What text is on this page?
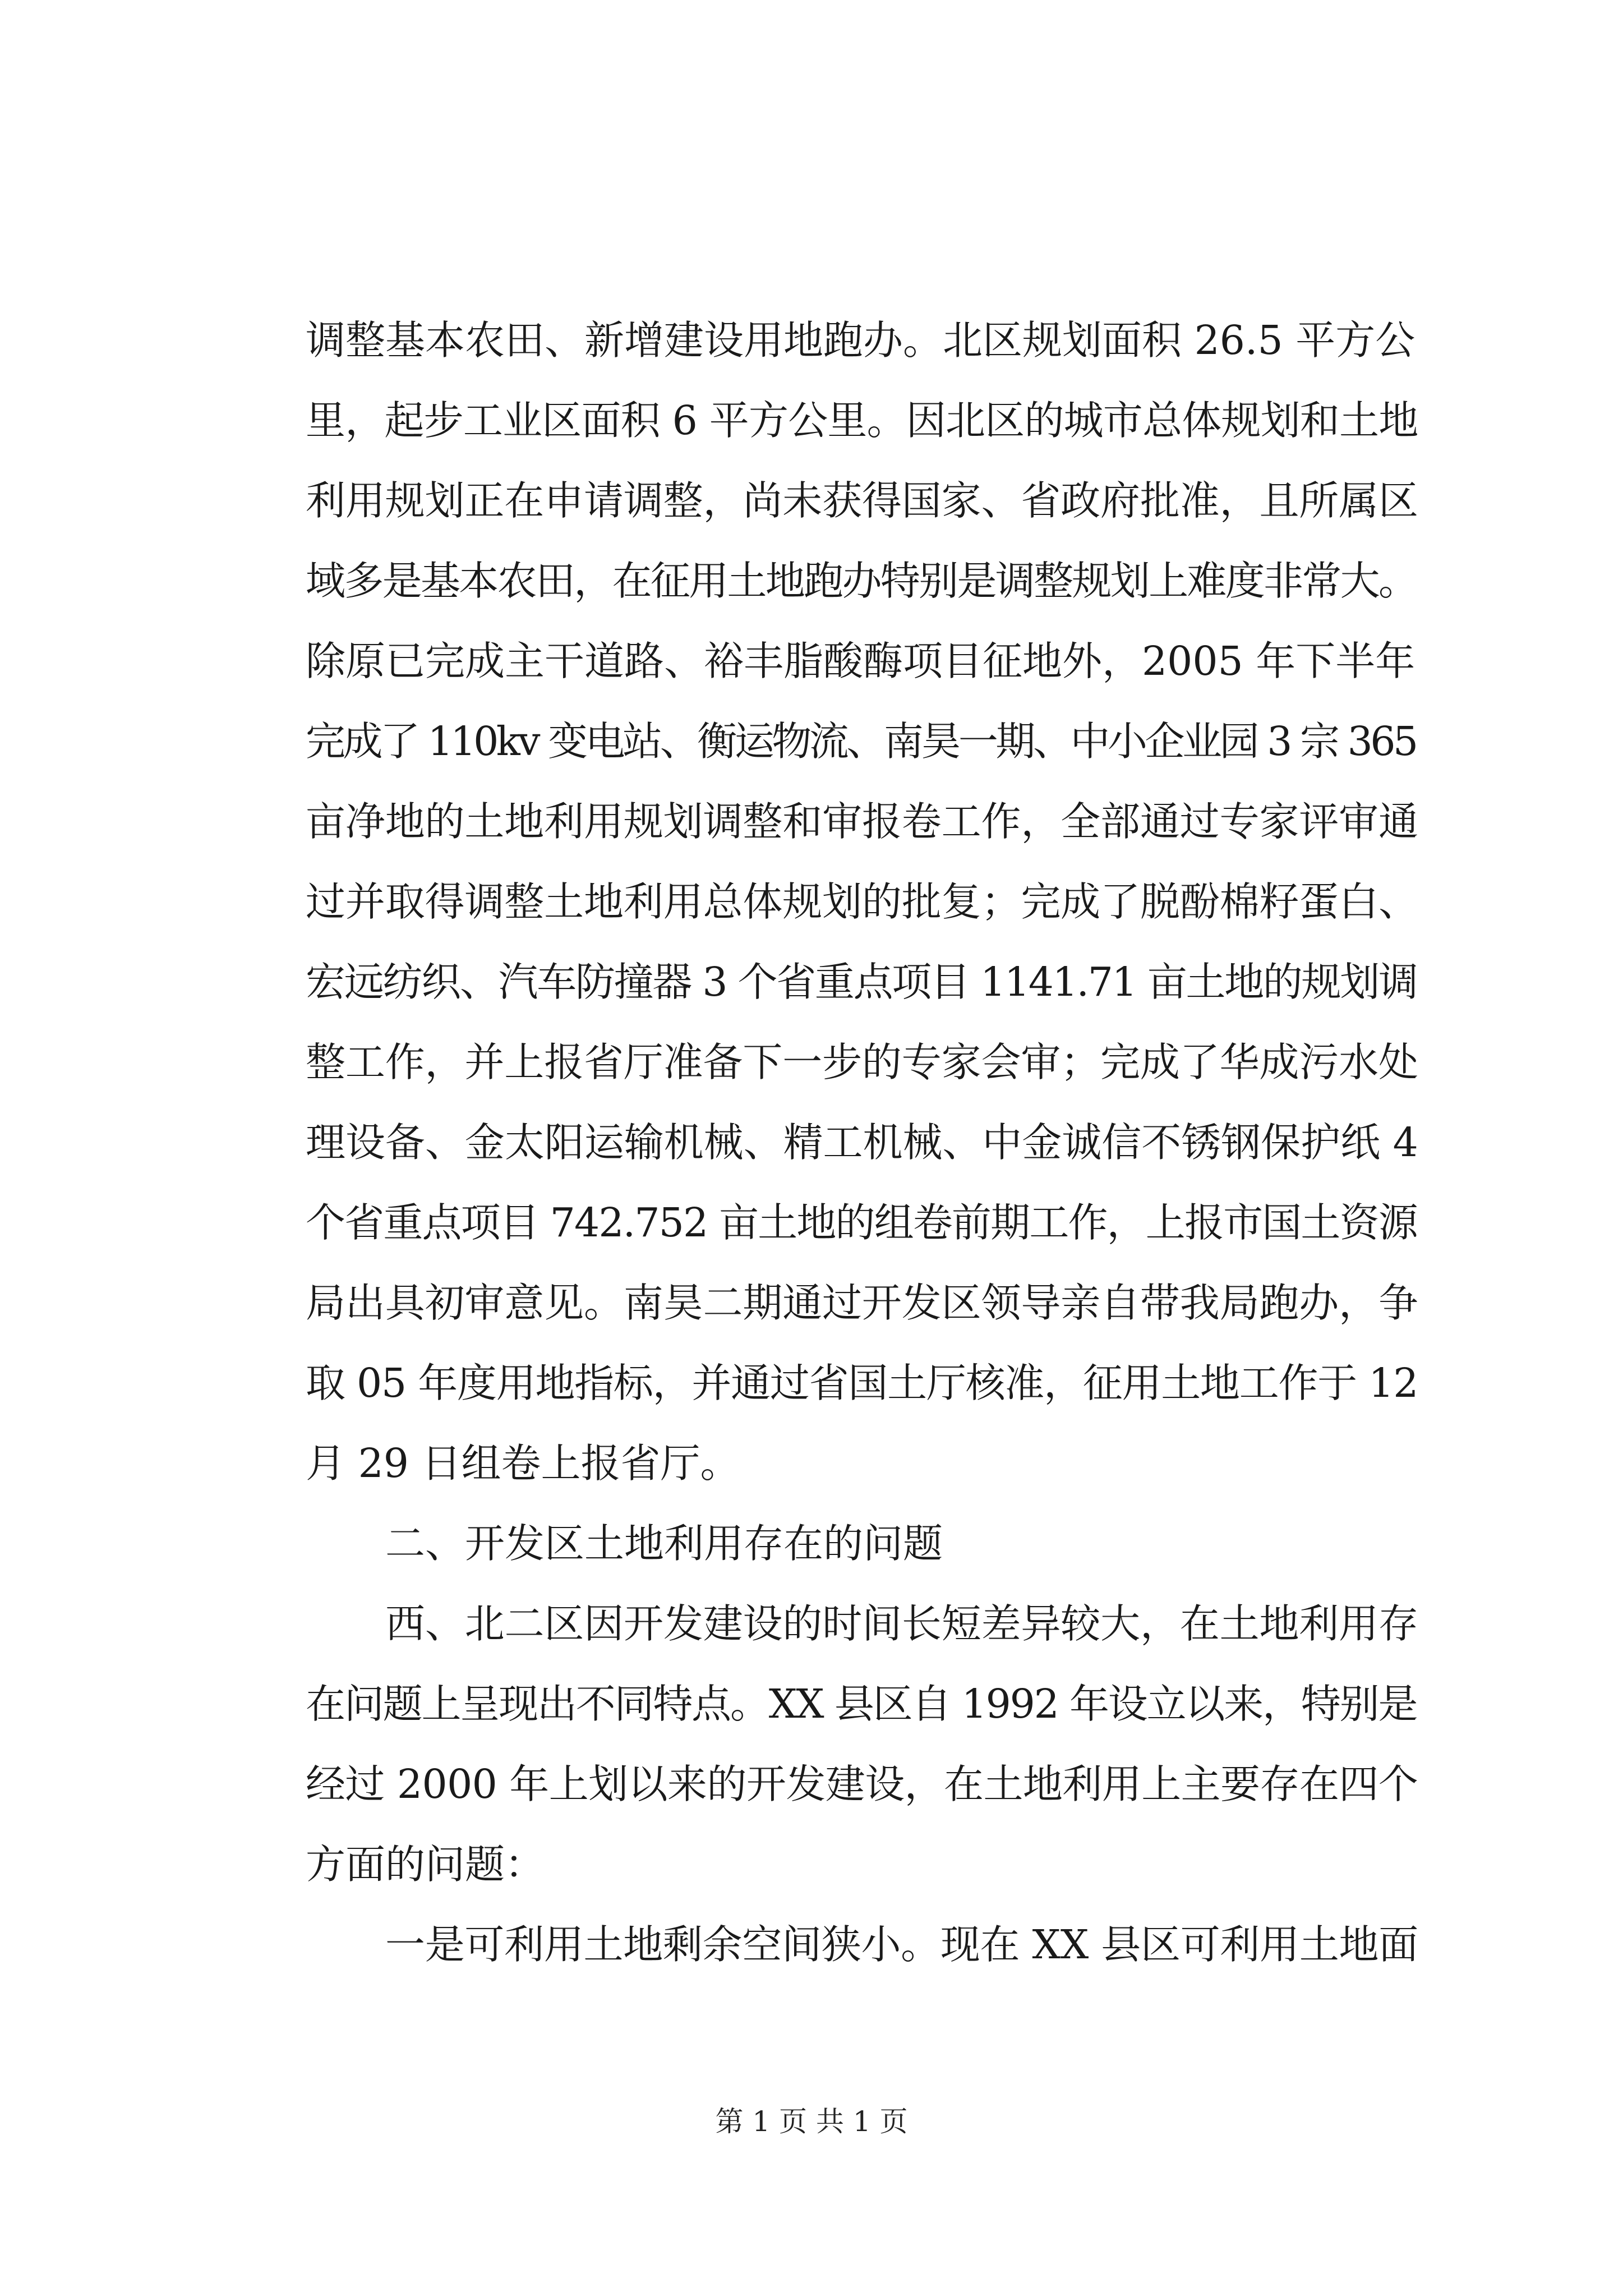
调整基本农田、新增建设用地跑办。北区规划面积 26.5 平方公
里，起步工业区面积 6 平方公里。因北区的城市总体规划和土地
利用规划正在申请调整，尚未获得国家、省政府批准，且所属区
域多是基本农田，在征用土地跑办特别是调整规划上难度非常大。
除原已完成主干道路、裕丰脂酸酶项目征地外，2005 年下半年
完成了 110kv 变电站、衡运物流、南昊一期、中小企业园 3 宗 365
亩净地的土地利用规划调整和审报卷工作，全部通过专家评审通
过并取得调整土地利用总体规划的批复；完成了脱酚棉籽蛋白、
宏远纺织、汽车防撞器 3 个省重点项目 1141.71 亩土地的规划调
整工作，并上报省厅准备下一步的专家会审；完成了华成污水处
理设备、金太阳运输机械、精工机械、中金诚信不锈钢保护纸 4
个省重点项目 742.752 亩土地的组卷前期工作，上报市国土资源
局出具初审意见。南昊二期通过开发区领导亲自带我局跑办，争
取 05 年度用地指标，并通过省国土厅核准，征用土地工作于 12
月 29 日组卷上报省厅。
二、开发区土地利用存在的问题
西、北二区因开发建设的时间长短差异较大，在土地利用存
在问题上呈现出不同特点。XX 县区自 1992 年设立以来，特别是
经过 2000 年上划以来的开发建设，在土地利用上主要存在四个
方面的问题：
一是可利用土地剩余空间狭小。现在 XX 县区可利用土地面
第 1 页 共 1 页
